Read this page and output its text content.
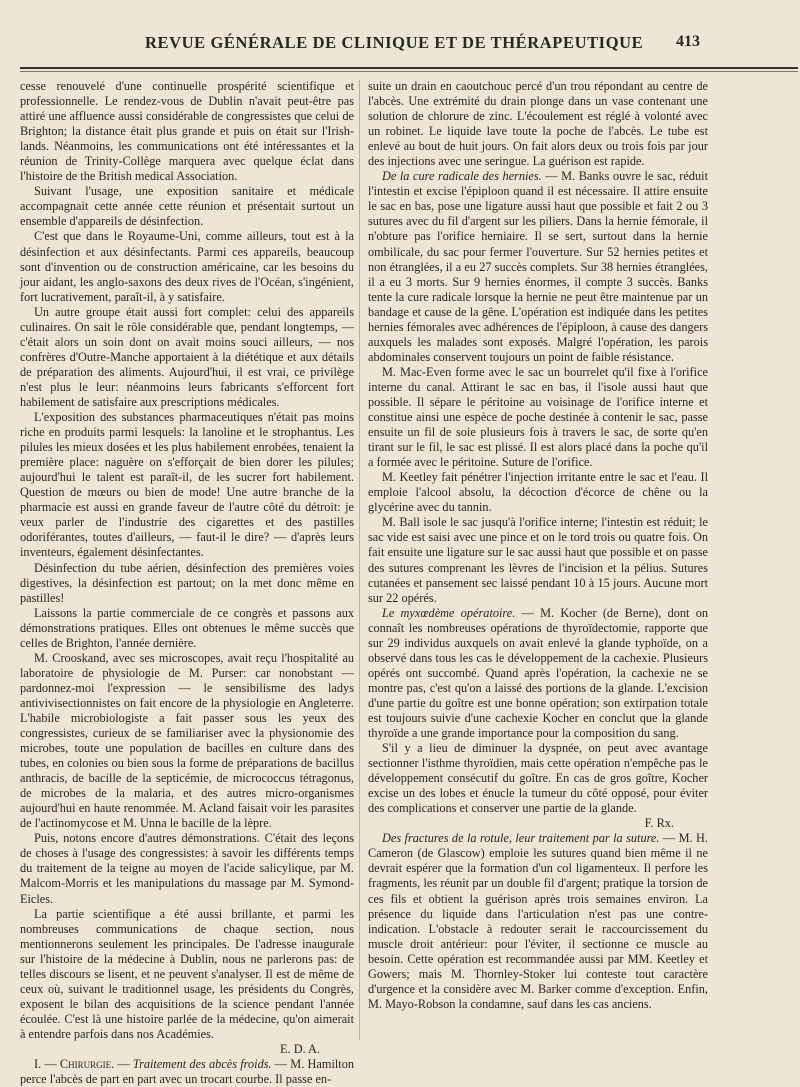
REVUE GÉNÉRALE DE CLINIQUE ET DE THÉRAPEUTIQUE 413

cesse renouvelé d'une continuelle prospérité scientifique et professionnelle. Le rendez-vous de Dublin n'avait peut-être pas attiré une affluence aussi considérable de congressistes que celui de Brighton; la distance était plus grande et puis on était sur l'Irish-lands. Néanmoins, les communications ont été intéressantes et la réunion de Trinity-Collège marquera avec quelque éclat dans l'histoire de the British medical Association.

Suivant l'usage, une exposition sanitaire et médicale accompagnait cette année cette réunion et présentait surtout un ensemble d'appareils de désinfection.

C'est que dans le Royaume-Uni, comme ailleurs, tout est à la désinfection et aux désinfectants. Parmi ces appareils, beaucoup sont d'invention ou de construction américaine, car les besoins du jour aidant, les anglo-saxons des deux rives de l'Océan, s'ingénient, fort lucrativement, paraît-il, à y satisfaire.

Un autre groupe était aussi fort complet: celui des appareils culinaires. On sait le rôle considérable que, pendant longtemps, — c'était alors un soin dont on avait moins souci ailleurs, — nos confrères d'Outre-Manche apportaient à la diététique et aux détails de préparation des aliments. Aujourd'hui, il est vrai, ce privilège n'est plus le leur: néanmoins leurs fabricants s'efforcent fort habilement de satisfaire aux prescriptions médicales.

L'exposition des substances pharmaceutiques n'était pas moins riche en produits parmi lesquels: la lanoline et le strophantus. Les pilules les mieux dosées et les plus habilement enrobées, tenaient la première place: naguère on s'efforçait de bien dorer les pilules; aujourd'hui le talent est paraît-il, de les sucrer fort habilement. Question de mœurs ou bien de mode! Une autre branche de la pharmacie est aussi en grande faveur de l'autre côté du détroit: je veux parler de l'industrie des cigarettes et des pastilles odoriférantes, toutes d'ailleurs, — faut-il le dire? — d'après leurs inventeurs, également désinfectantes.

Désinfection du tube aérien, désinfection des premières voies digestives, la désinfection est partout; on la met donc même en pastilles!

Laissons la partie commerciale de ce congrès et passons aux démonstrations pratiques. Elles ont obtenues le même succès que celles de Brighton, l'année dernière.

M. Crooskand, avec ses microscopes, avait reçu l'hospitalité au laboratoire de physiologie de M. Purser: car nonobstant — pardonnez-moi l'expression — le sensibilisme des ladys antivivisectionnistes on fait encore de la physiologie en Angleterre. L'habile microbiologiste a fait passer sous les yeux des congressistes, curieux de se familiariser avec la physionomie des microbes, toute une population de bacilles en culture dans des tubes, en colonies ou bien sous la forme de préparations de bacillus anthracis, de bacille de la septicémie, de micrococcus tétragonus, de microbes de la malaria, et des autres micro-organismes aujourd'hui en haute renommée. M. Acland faisait voir les parasites de l'actinomycose et M. Unna le bacille de la lèpre.

Puis, notons encore d'autres démonstrations. C'était des leçons de choses à l'usage des congressistes: à savoir les différents temps du traitement de la teigne au moyen de l'acide salicylique, par M. Malcom-Morris et les manipulations du massage par M. Symond-Eicles.

La partie scientifique a été aussi brillante, et parmi les nombreuses communications de chaque section, nous mentionnerons seulement les principales. De l'adresse inaugurale sur l'histoire de la médecine à Dublin, nous ne parlerons pas: de telles discours se lisent, et ne peuvent s'analyser. Il est de même de ceux où, suivant le traditionnel usage, les présidents du Congrès, exposent le bilan des acquisitions de la science pendant l'année écoulée. C'est là une histoire parlée de la médecine, qu'on aimerait à entendre parfois dans nos Académies.

E. D. A.

I. — Chirurgie. — Traitement des abcès froids. — M. Hamilton perce l'abcès de part en part avec un trocart courbe. Il passe en-

suite un drain en caoutchouc percé d'un trou répondant au centre de l'abcès. Une extrémité du drain plonge dans un vase contenant une solution de chlorure de zinc. L'écoulement est réglé à volonté avec un robinet. Le liquide lave toute la poche de l'abcès. Le tube est enlevé au bout de huit jours. On fait alors deux ou trois fois par jour des injections avec une seringue. La guérison est rapide.

De la cure radicale des hernies. — M. Banks ouvre le sac, réduit l'intestin et excise l'épiploon quand il est nécessaire. Il attire ensuite le sac en bas, pose une ligature aussi haut que possible et fait 2 ou 3 sutures avec du fil d'argent sur les piliers. Dans la hernie fémorale, il n'obture pas l'orifice herniaire. Il se sert, surtout dans la hernie ombilicale, du sac pour fermer l'ouverture. Sur 52 hernies petites et non étranglées, il a eu 27 succès complets. Sur 38 hernies étranglées, il a eu 3 morts. Sur 9 hernies énormes, il compte 3 succès. Banks tente la cure radicale lorsque la hernie ne peut être maintenue par un bandage et cause de la gêne. L'opération est indiquée dans les petites hernies fémorales avec adhérences de l'épiploon, à cause des dangers auxquels les malades sont exposés. Malgré l'opération, les parois abdominales conservent toujours un point de faible résistance.

M. Mac-Even forme avec le sac un bourrelet qu'il fixe à l'orifice interne du canal. Attirant le sac en bas, il l'isole aussi haut que possible. Il sépare le péritoine au voisinage de l'orifice interne et constitue ainsi une espèce de poche destinée à contenir le sac, passe ensuite un fil de soie plusieurs fois à travers le sac, de sorte qu'en tirant sur le fil, le sac est plissé. Il est alors placé dans la poche qu'il a formée avec le péritoine. Suture de l'orifice.

M. Keetley fait pénétrer l'injection irritante entre le sac et l'eau. Il emploie l'alcool absolu, la décoction d'écorce de chêne ou la glycérine avec du tannin.

M. Ball isole le sac jusqu'à l'orifice interne; l'intestin est réduit; le sac vide est saisi avec une pince et on le tord trois ou quatre fois. On fait ensuite une ligature sur le sac aussi haut que possible et on passe des sutures comprenant les lèvres de l'incision et la pélius. Sutures cutanées et pansement sec laissé pendant 10 à 15 jours. Aucune mort sur 22 opérés.

Le myxœdème opératoire. — M. Kocher (de Berne), dont on connaît les nombreuses opérations de thyroïdectomie, rapporte que sur 29 individus auxquels on avait enlevé la glande typhoïde, on a observé dans tous les cas le développement de la cachexie. Plusieurs opérés ont succombé. Quand après l'opération, la cachexie ne se montre pas, c'est qu'on a laissé des portions de la glande. L'excision d'une partie du goître est une bonne opération; son extirpation totale est toujours suivie d'une cachexie Kocher en conclut que la glande thyroïde a une grande importance pour la composition du sang.

S'il y a lieu de diminuer la dyspnée, on peut avec avantage sectionner l'isthme thyroïdien, mais cette opération n'empêche pas le développement consécutif du goître. En cas de gros goître, Kocher excise un des lobes et énucle la tumeur du côté opposé, pour éviter des complications et conserver une partie de la glande.

F. Rx.

Des fractures de la rotule, leur traitement par la suture. — M. H. Cameron (de Glascow) emploie les sutures quand bien même il ne devrait espérer que la formation d'un col ligamenteux. Il perfore les fragments, les réunit par un double fil d'argent; pratique la torsion de ces fils et obtient la guérison après trois semaines environ. La présence du liquide dans l'articulation n'est pas une contre-indication. L'obstacle à redouter serait le raccourcissement du muscle droit antérieur: pour l'éviter, il sectionne ce muscle au besoin. Cette opération est recommandée aussi par MM. Keetley et Gowers; mais M. Thornley-Stoker lui conteste tout caractère d'urgence et la considère avec M. Barker comme d'exception. Enfin, M. Mayo-Robson la condamne, sauf dans les cas anciens.
